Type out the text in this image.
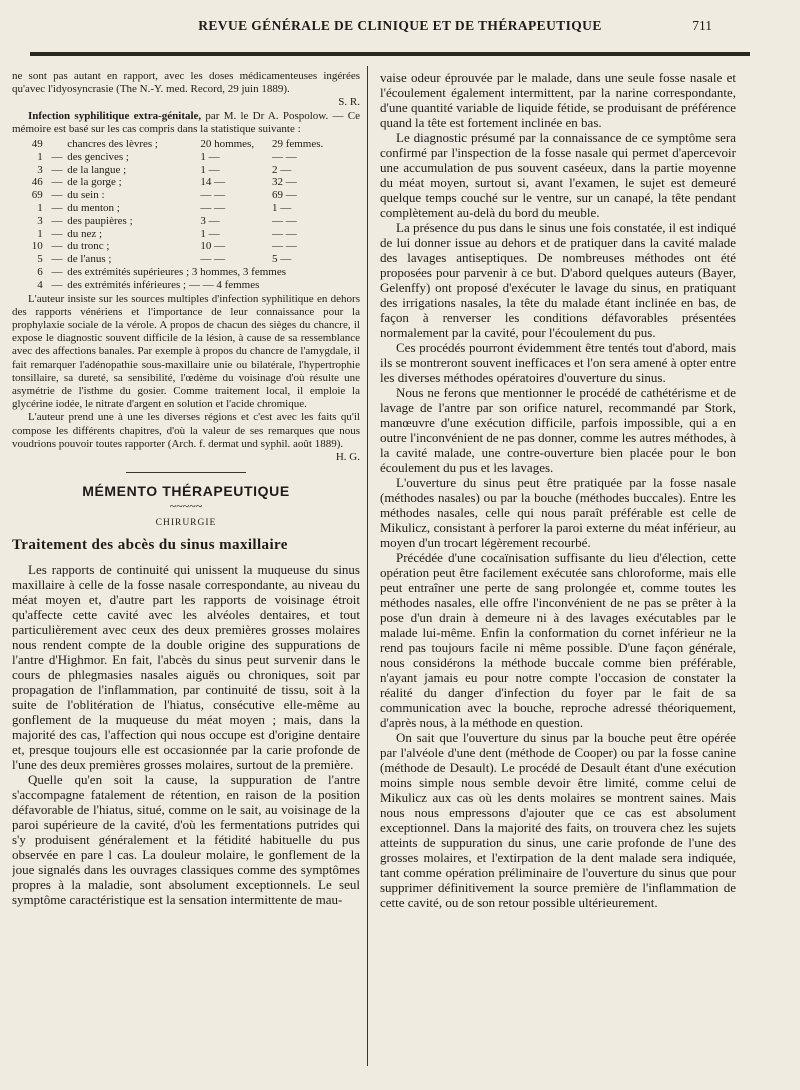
REVUE GÉNÉRALE DE CLINIQUE ET DE THÉRAPEUTIQUE	711

ne sont pas autant en rapport, avec les doses médicamenteuses ingérées qu'avec l'idyosyncrasie (The N.-Y. med. Record, 29 juin 1889).

S. R.

Infection syphilitique extra-génitale, par M. le Dr A. Pospolow. — Ce mémoire est basé sur les cas compris dans la statistique suivante :

49		chancres des lèvres ;	20 hommes,	29 femmes.
1	—	des gencives ;	1 —	— —
3	—	de la langue ;	1 —	2 —
46	—	de la gorge ;	14 —	32 —
69	—	du sein :	— —	69 —
1	—	du menton ;	— —	1 —
3	—	des paupières ;	3 —	— —
1	—	du nez ;	1 —	— —
10	—	du tronc ;	10 —	— —
5	—	de l'anus ;	— —	5 —
6	—	des extrémités supérieures ; 3 hommes, 3 femmes		
4	—	des extrémités inférieures ; — — 4 femmes		

L'auteur insiste sur les sources multiples d'infection syphilitique en dehors des rapports vénériens et l'importance de leur connaissance pour la prophylaxie sociale de la vérole. A propos de chacun des sièges du chancre, il expose le diagnostic souvent difficile de la lésion, à cause de sa ressemblance avec des affections banales. Par exemple à propos du chancre de l'amygdale, il fait remarquer l'adénopathie sous-maxillaire unie ou bilatérale, l'hypertrophie tonsillaire, sa dureté, sa sensibilité, l'œdème du voisinage d'où résulte une asymétrie de l'isthme du gosier. Comme traitement local, il emploie la glycérine iodée, le nitrate d'argent en solution et l'acide chromique.

L'auteur prend une à une les diverses régions et c'est avec les faits qu'il compose les différents chapitres, d'où la valeur de ses remarques que nous voudrions pouvoir toutes rapporter (Arch. f. dermat und syphil. août 1889).

H. G.

MÉMENTO THÉRAPEUTIQUE
~~~~~
CHIRURGIE
Traitement des abcès du sinus maxillaire

Les rapports de continuité qui unissent la muqueuse du sinus maxillaire à celle de la fosse nasale correspondante, au niveau du méat moyen et, d'autre part les rapports de voisinage étroit qu'affecte cette cavité avec les alvéoles dentaires, et tout particulièrement avec ceux des deux premières grosses molaires nous rendent compte de la double origine des suppurations de l'antre d'Highmor. En fait, l'abcès du sinus peut survenir dans le cours de phlegmasies nasales aiguës ou chroniques, soit par propagation de l'inflammation, par continuité de tissu, soit à la suite de l'oblitération de l'hiatus, consécutive elle-même au gonflement de la muqueuse du méat moyen ; mais, dans la majorité des cas, l'affection qui nous occupe est d'origine dentaire et, presque toujours elle est occasionnée par la carie profonde de l'une des deux premières grosses molaires, surtout de la première.

Quelle qu'en soit la cause, la suppuration de l'antre s'accompagne fatalement de rétention, en raison de la position défavorable de l'hiatus, situé, comme on le sait, au voisinage de la paroi supérieure de la cavité, d'où les fermentations putrides qui s'y produisent généralement et la fétidité habituelle du pus observée en pare l cas. La douleur molaire, le gonflement de la joue signalés dans les ouvrages classiques comme des symptômes propres à la maladie, sont absolument exceptionnels. Le seul symptôme caractéristique est la sensation intermittente de mau-

vaise odeur éprouvée par le malade, dans une seule fosse nasale et l'écoulement également intermittent, par la narine correspondante, d'une quantité variable de liquide fétide, se produisant de préférence quand la tête est fortement inclinée en bas.

Le diagnostic présumé par la connaissance de ce symptôme sera confirmé par l'inspection de la fosse nasale qui permet d'apercevoir une accumulation de pus souvent caséeux, dans la partie moyenne du méat moyen, surtout si, avant l'examen, le sujet est demeuré quelque temps couché sur le ventre, sur un canapé, la tête pendant complètement au-delà du bord du meuble.

La présence du pus dans le sinus une fois constatée, il est indiqué de lui donner issue au dehors et de pratiquer dans la cavité malade des lavages antiseptiques. De nombreuses méthodes ont été proposées pour parvenir à ce but. D'abord quelques auteurs (Bayer, Gelenffy) ont proposé d'exécuter le lavage du sinus, en pratiquant des irrigations nasales, la tête du malade étant inclinée en bas, de façon à renverser les conditions défavorables présentées normalement par la cavité, pour l'écoulement du pus.

Ces procédés pourront évidemment être tentés tout d'abord, mais ils se montreront souvent inefficaces et l'on sera amené à opter entre les diverses méthodes opératoires d'ouverture du sinus.

Nous ne ferons que mentionner le procédé de cathétérisme et de lavage de l'antre par son orifice naturel, recommandé par Stork, manœuvre d'une exécution difficile, parfois impossible, qui a en outre l'inconvénient de ne pas donner, comme les autres méthodes, à la cavité malade, une contre-ouverture bien placée pour le bon écoulement du pus et les lavages.

L'ouverture du sinus peut être pratiquée par la fosse nasale (méthodes nasales) ou par la bouche (méthodes buccales). Entre les méthodes nasales, celle qui nous paraît préférable est celle de Mikulicz, consistant à perforer la paroi externe du méat inférieur, au moyen d'un trocart légèrement recourbé.

Précédée d'une cocaïnisation suffisante du lieu d'élection, cette opération peut être facilement exécutée sans chloroforme, mais elle peut entraîner une perte de sang prolongée et, comme toutes les méthodes nasales, elle offre l'inconvénient de ne pas se prêter à la pose d'un drain à demeure ni à des lavages exécutables par le malade lui-même. Enfin la conformation du cornet inférieur ne la rend pas toujours facile ni même possible. D'une façon générale, nous considérons la méthode buccale comme bien préférable, n'ayant jamais eu pour notre compte l'occasion de constater la réalité du danger d'infection du foyer par le fait de sa communication avec la bouche, reproche adressé théoriquement, d'après nous, à la méthode en question.

On sait que l'ouverture du sinus par la bouche peut être opérée par l'alvéole d'une dent (méthode de Cooper) ou par la fosse canine (méthode de Desault). Le procédé de Desault étant d'une exécution moins simple nous semble devoir être limité, comme celui de Mikulicz aux cas où les dents molaires se montrent saines. Mais nous nous empressons d'ajouter que ce cas est absolument exceptionnel. Dans la majorité des faits, on trouvera chez les sujets atteints de suppuration du sinus, une carie profonde de l'une des grosses molaires, et l'extirpation de la dent malade sera indiquée, tant comme opération préliminaire de l'ouverture du sinus que pour supprimer définitivement la source première de l'inflammation de cette cavité, ou de son retour possible ultérieurement.
